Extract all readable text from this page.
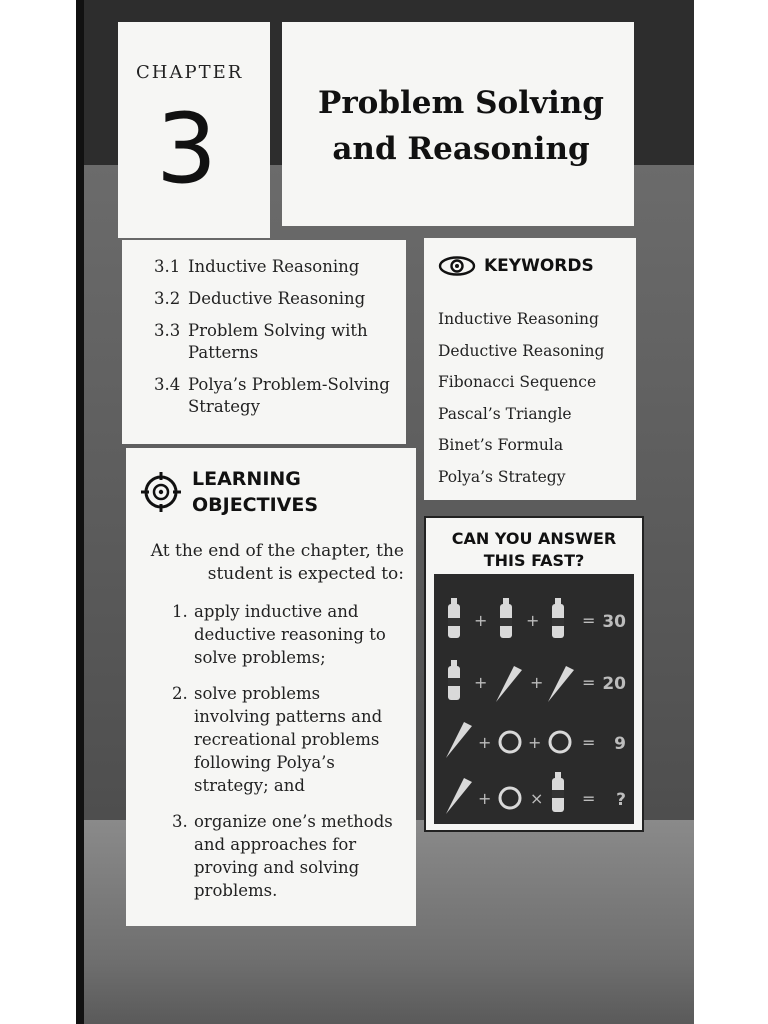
CHAPTER
3	Problem Solving
and Reasoning
3.1 Inductive Reasoning
3.2 Deductive Reasoning
3.3 Problem Solving with Patterns
3.4 Polya’s Problem-Solving Strategy
KEYWORDS
Inductive Reasoning
Deductive Reasoning
Fibonacci Sequence
Pascal’s Triangle
Binet’s Formula
Polya’s Strategy
LEARNING
OBJECTIVES
At the end of the chapter, the student is expected to:
1. apply inductive and deductive reasoning to solve problems;
2. solve problems involving patterns and recreational problems following Polya’s strategy; and
3. organize one’s methods and approaches for proving and solving problems.
CAN YOU ANSWER
THIS FAST?
+ +
+	+
+ +
+ ×
=
=
=
=
30
20
9
?
